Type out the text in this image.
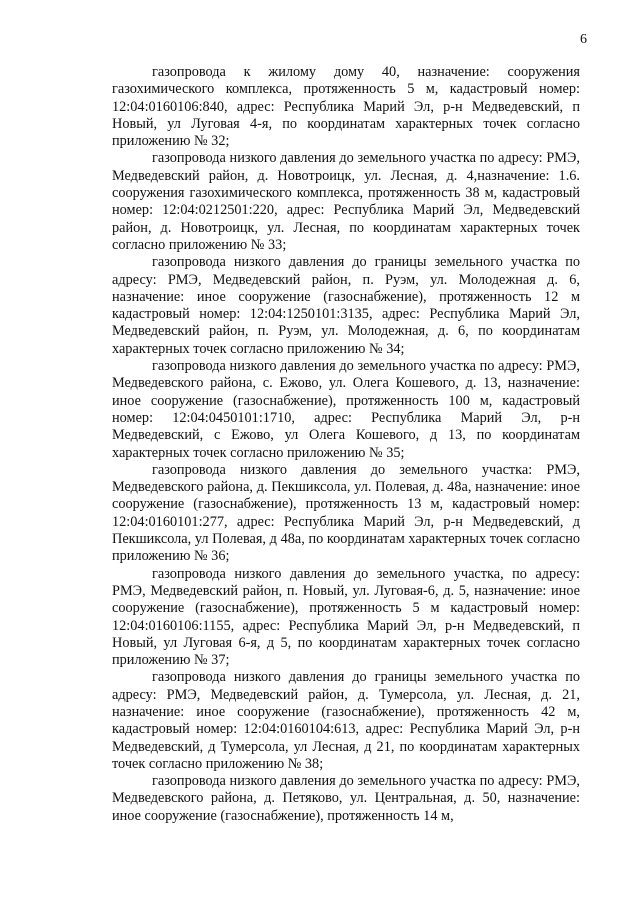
6

газопровода к жилому дому 40, назначение: сооружения газохимического комплекса, протяженность 5 м, кадастровый номер: 12:04:0160106:840, адрес: Республика Марий Эл, р-н Медведевский, п Новый, ул Луговая 4-я, по координатам характерных точек согласно приложению № 32;

газопровода низкого давления до земельного участка по адресу: РМЭ, Медведевский район, д. Новотроицк, ул. Лесная, д. 4,назначение: 1.6. сооружения газохимического комплекса, протяженность 38 м, кадастровый номер: 12:04:0212501:220, адрес: Республика Марий Эл, Медведевский район, д. Новотроицк, ул. Лесная, по координатам характерных точек согласно приложению № 33;

газопровода низкого давления до границы земельного участка по адресу: РМЭ, Медведевский район, п. Руэм, ул. Молодежная д. 6, назначение: иное сооружение (газоснабжение), протяженность 12 м кадастровый номер: 12:04:1250101:3135, адрес: Республика Марий Эл, Медведевский район, п. Руэм, ул. Молодежная, д. 6, по координатам характерных точек согласно приложению № 34;

газопровода низкого давления до земельного участка по адресу: РМЭ, Медведевского района, с. Ежово, ул. Олега Кошевого, д. 13, назначение: иное сооружение (газоснабжение), протяженность 100 м, кадастровый номер: 12:04:0450101:1710, адрес: Республика Марий Эл, р-н Медведевский, с Ежово, ул Олега Кошевого, д 13, по координатам характерных точек согласно приложению № 35;

газопровода низкого давления до земельного участка: РМЭ, Медведевского района, д. Пекшиксола, ул. Полевая, д. 48а, назначение: иное сооружение (газоснабжение), протяженность 13 м, кадастровый номер: 12:04:0160101:277, адрес: Республика Марий Эл, р-н Медведевский, д Пекшиксола, ул Полевая, д 48а, по координатам характерных точек согласно приложению № 36;

газопровода низкого давления до земельного участка, по адресу: РМЭ, Медведевский район, п. Новый, ул. Луговая-6, д. 5, назначение: иное сооружение (газоснабжение), протяженность 5 м кадастровый номер: 12:04:0160106:1155, адрес: Республика Марий Эл, р-н Медведевский, п Новый, ул Луговая 6-я, д 5, по координатам характерных точек согласно приложению № 37;

газопровода низкого давления до границы земельного участка по адресу: РМЭ, Медведевский район, д. Тумерсола, ул. Лесная, д. 21, назначение: иное сооружение (газоснабжение), протяженность 42 м, кадастровый номер: 12:04:0160104:613, адрес: Республика Марий Эл, р-н Медведевский, д Тумерсола, ул Лесная, д 21, по координатам характерных точек согласно приложению № 38;

газопровода низкого давления до земельного участка по адресу: РМЭ, Медведевского района, д. Петяково, ул. Центральная, д. 50, назначение: иное сооружение (газоснабжение), протяженность 14 м,
